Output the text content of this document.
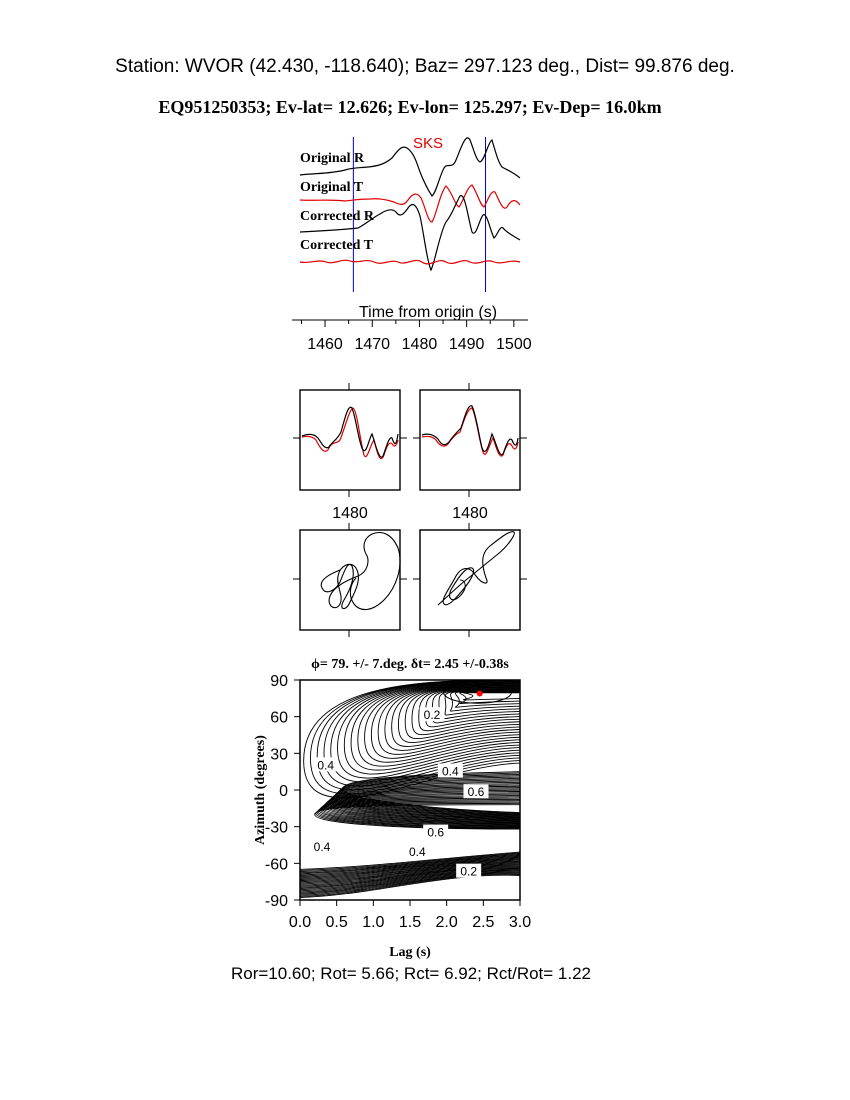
Station: WVOR (42.430, -118.640); Baz= 297.123 deg., Dist= 99.876 deg.
EQ951250353; Ev-lat= 12.626; Ev-lon= 125.297; Ev-Dep= 16.0km
SKS
Original R
Original T
Corrected R
Corrected T
Time from origin (s)
1460 1470 1480 1490 1500
1480	1480
ϕ= 79. +/- 7.deg. δt= 2.45 +/-0.38s
0.2
0.4
0.4
0.6
0.6
0.4	0.4
0.2
0.0 0.5 1.0 1.5 2.0 2.5 3.0
90
60
30
0
-30
-60
-90
Lag (s)
Azimuth (degrees)
Ror=10.60; Rot= 5.66; Rct= 6.92; Rct/Rot= 1.22
